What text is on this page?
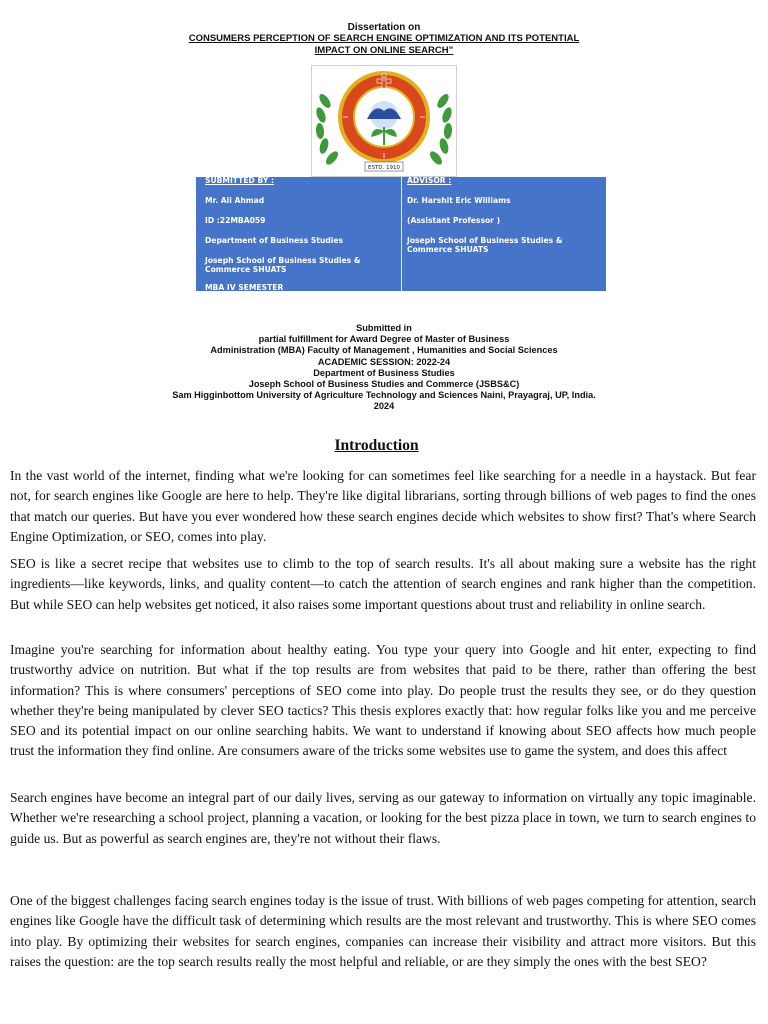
Dissertation on
CONSUMERS PERCEPTION OF SEARCH ENGINE OPTIMIZATION AND ITS POTENTIAL
IMPACT ON ONLINE SEARCH”
ESTD. 1910
SUBMITTED BY :
Mr. Ali Ahmad
ID :22MBA059
Department of Business Studies
Joseph School of Business Studies & Commerce SHUATS
MBA IV SEMESTER
ADVISOR :
Dr. Harshit Eric Williams
(Assistant Professor )
Joseph School of Business Studies & Commerce SHUATS
Submitted in
partial fulfillment for Award Degree of Master of Business
Administration (MBA) Faculty of Management , Humanities and Social Sciences
ACADEMIC SESSION: 2022-24
Department of Business Studies
Joseph School of Business Studies and Commerce (JSBS&C)
Sam Higginbottom University of Agriculture Technology and Sciences Naini, Prayagraj, UP, India.
2024
Introduction

In the vast world of the internet, finding what we're looking for can sometimes feel like searching for a needle in a haystack. But fear not, for search engines like Google are here to help. They're like digital librarians, sorting through billions of web pages to find the ones that match our queries. But have you ever wondered how these search engines decide which websites to show first? That's where Search Engine Optimization, or SEO, comes into play.

SEO is like a secret recipe that websites use to climb to the top of search results. It's all about making sure a website has the right ingredients—like keywords, links, and quality content—to catch the attention of search engines and rank higher than the competition. But while SEO can help websites get noticed, it also raises some important questions about trust and reliability in online search.

Imagine you're searching for information about healthy eating. You type your query into Google and hit enter, expecting to find trustworthy advice on nutrition. But what if the top results are from websites that paid to be there, rather than offering the best information? This is where consumers' perceptions of SEO come into play. Do people trust the results they see, or do they question whether they're being manipulated by clever SEO tactics? This thesis explores exactly that: how regular folks like you and me perceive SEO and its potential impact on our online searching habits. We want to understand if knowing about SEO affects how much people trust the information they find online. Are consumers aware of the tricks some websites use to game the system, and does this affect

Search engines have become an integral part of our daily lives, serving as our gateway to information on virtually any topic imaginable. Whether we're researching a school project, planning a vacation, or looking for the best pizza place in town, we turn to search engines to guide us. But as powerful as search engines are, they're not without their flaws.

One of the biggest challenges facing search engines today is the issue of trust. With billions of web pages competing for attention, search engines like Google have the difficult task of determining which results are the most relevant and trustworthy. This is where SEO comes into play. By optimizing their websites for search engines, companies can increase their visibility and attract more visitors. But this raises the question: are the top search results really the most helpful and reliable, or are they simply the ones with the best SEO?
